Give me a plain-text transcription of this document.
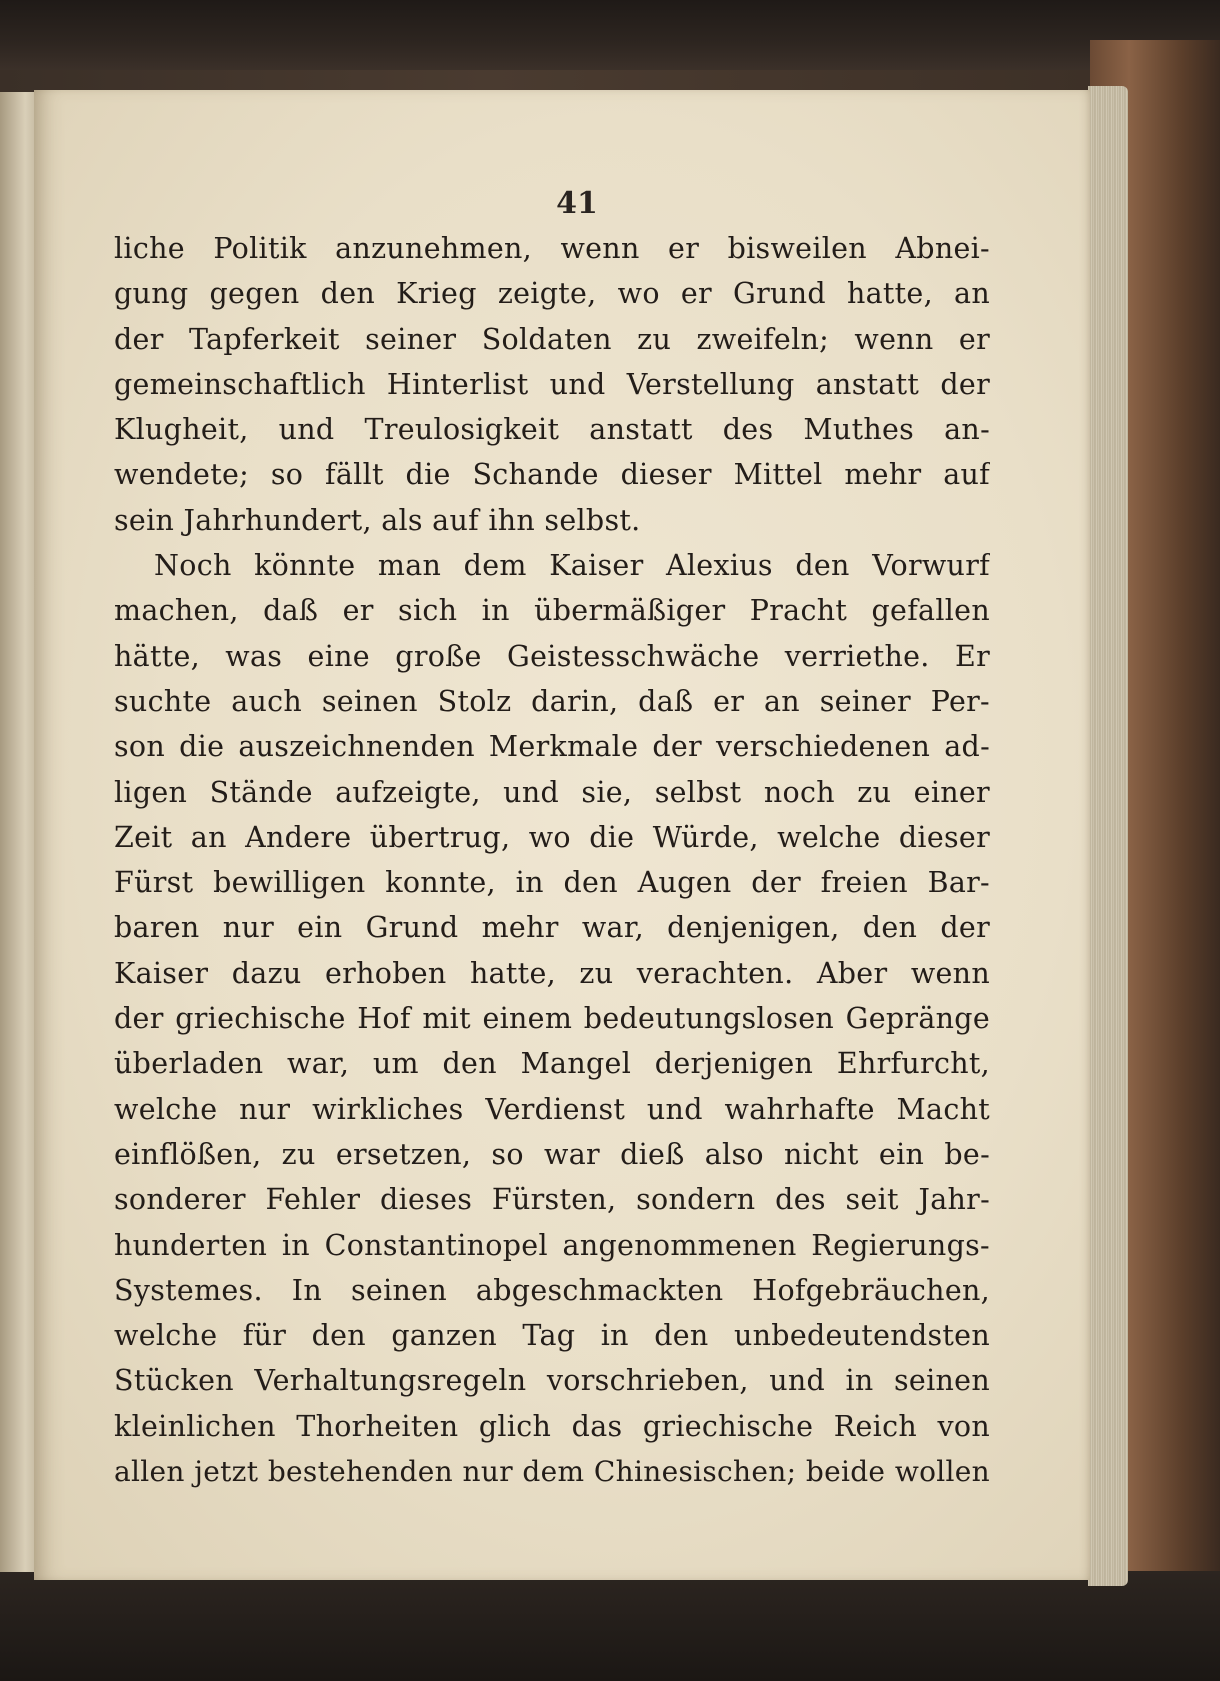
41
liche Politik anzunehmen, wenn er bisweilen Abnei-
gung gegen den Krieg zeigte, wo er Grund hatte, an
der Tapferkeit seiner Soldaten zu zweifeln; wenn er
gemeinschaftlich Hinterlist und Verstellung anstatt der
Klugheit, und Treulosigkeit anstatt des Muthes an-
wendete; so fällt die Schande dieser Mittel mehr auf
sein Jahrhundert, als auf ihn selbst.
Noch könnte man dem Kaiser Alexius den Vorwurf
machen, daß er sich in übermäßiger Pracht gefallen
hätte, was eine große Geistesschwäche verriethe. Er
suchte auch seinen Stolz darin, daß er an seiner Per-
son die auszeichnenden Merkmale der verschiedenen ad-
ligen Stände aufzeigte, und sie, selbst noch zu einer
Zeit an Andere übertrug, wo die Würde, welche dieser
Fürst bewilligen konnte, in den Augen der freien Bar-
baren nur ein Grund mehr war, denjenigen, den der
Kaiser dazu erhoben hatte, zu verachten. Aber wenn
der griechische Hof mit einem bedeutungslosen Gepränge
überladen war, um den Mangel derjenigen Ehrfurcht,
welche nur wirkliches Verdienst und wahrhafte Macht
einflößen, zu ersetzen, so war dieß also nicht ein be-
sonderer Fehler dieses Fürsten, sondern des seit Jahr-
hunderten in Constantinopel angenommenen Regierungs-
Systemes. In seinen abgeschmackten Hofgebräuchen,
welche für den ganzen Tag in den unbedeutendsten
Stücken Verhaltungsregeln vorschrieben, und in seinen
kleinlichen Thorheiten glich das griechische Reich von
allen jetzt bestehenden nur dem Chinesischen; beide wollen
